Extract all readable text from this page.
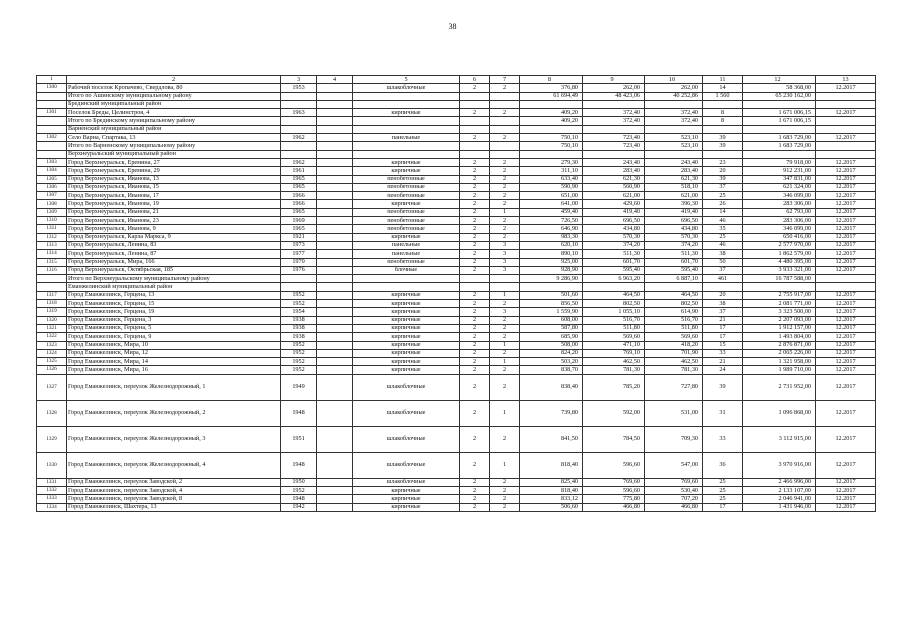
38
1	2	3	4	5	6	7	8	9	10	11	12	13
1300	Рабочий поселок Кропачево, Свердлова, 80	1953		шлакоблочные	2	2	376,80	262,00	262,00	14	58 368,00	12.2017
	Итого по Ашинскому муниципальному району						61 694,49	48 423,06	40 252,86	1 560	65 230 162,00	
	Брединский муниципальный район											
1301	Поселок Бреды, Целинстроя, 4	1963		кирпичные	2	2	409,20	372,40	372,40	8	1 671 006,15	12.2017
	Итого по Брединскому муниципальному району						409,20	372,40	372,40	8	1 671 006,15	
	Варненский муниципальный район											
1302	Село Варна, Спартака, 13	1962		панельные	2	2	750,10	723,40	523,10	39	1 683 729,00	12.2017
	Итого по Варненскому муниципальному району						750,10	723,40	523,10	39	1 683 729,00	
	Верхнеуральский муниципальный район											
1303	Город Верхнеуральск, Еремина, 27	1962		кирпичные	2	2	279,30	243,40	243,40	23	79 918,00	12.2017
1304	Город Верхнеуральск, Еремина, 29	1961		кирпичные	2	2	311,10	283,40	283,40	20	912 231,00	12.2017
1305	Город Верхнеуральск, Иванова, 13	1965		пенобетонные	2	2	633,40	621,30	621,30	39	347 831,00	12.2017
1306	Город Верхнеуральск, Иванова, 15	1965		пенобетонные	2	2	590,90	560,90	518,10	37	621 324,00	12.2017
1307	Город Верхнеуральск, Иванова, 17	1966		пенобетонные	2	2	651,00	621,00	621,00	25	346 099,00	12.2017
1308	Город Верхнеуральск, Иванова, 19	1966		кирпичные	2	2	641,00	429,60	396,30	26	283 306,00	12.2017
1309	Город Верхнеуральск, Иванова, 21	1965		пенобетонные	2	1	459,40	419,40	419,40	14	62 793,00	12.2017
1310	Город Верхнеуральск, Иванова, 23	1969		пенобетонные	2	2	726,50	696,50	696,50	46	283 306,00	12.2017
1311	Город Верхнеуральск, Иванова, 9	1965		пенобетонные	2	2	646,90	434,80	434,80	35	346 099,00	12.2017
1312	Город Верхнеуральск, Карла Маркса, 9	1921		кирпичные	2	2	983,30	570,30	570,30	25	650 416,00	12.2017
1313	Город Верхнеуральск, Ленина, 83	1973		панельные	2	3	620,10	374,20	374,20	46	2 577 970,00	12.2017
1314	Город Верхнеуральск, Ленина, 87	1977		панельные	2	3	890,10	511,30	511,30	38	1 862 579,00	12.2017
1315	Город Верхнеуральск, Мира, 166	1970		пенобетонные	2	3	925,00	601,70	601,70	50	4 480 395,00	12.2017
1316	Город Верхнеуральск, Октябрьская, 185	1976		блочные	2	3	928,90	595,40	595,40	37	3 933 321,00	12.2017
	Итого по Верхнеуральскому муниципальному району						9 286,90	6 963,20	6 887,10	461	16 787 588,00	
	Еманжелинский муниципальный район											
1317	Город Еманжелинск, Герцена, 13	1952		кирпичные	2	1	501,60	464,50	464,50	20	2 755 917,00	12.2017
1318	Город Еманжелинск, Герцена, 15	1952		кирпичные	2	2	856,50	802,50	802,50	38	2 081 771,00	12.2017
1319	Город Еманжелинск, Герцена, 19	1954		кирпичные	2	3	1 559,90	1 055,10	614,90	37	3 323 500,00	12.2017
1320	Город Еманжелинск, Герцена, 3	1938		кирпичные	2	2	608,00	516,70	516,70	21	2 207 093,00	12.2017
1321	Город Еманжелинск, Герцена, 5	1938		кирпичные	2	2	587,80	511,80	511,80	17	1 912 157,00	12.2017
1322	Город Еманжелинск, Герцена, 9	1938		кирпичные	2	2	685,90	569,60	569,60	17	1 493 804,00	12.2017
1323	Город Еманжелинск, Мира, 10	1952		кирпичные	2	1	508,00	471,10	418,20	15	2 876 871,00	12.2017
1324	Город Еманжелинск, Мира, 12	1952		кирпичные	2	2	824,20	769,10	701,90	33	2 065 226,00	12.2017
1325	Город Еманжелинск, Мира, 14	1952		кирпичные	2	1	503,20	462,50	462,50	21	1 321 958,00	12.2017
1326	Город Еманжелинск, Мира, 16	1952		кирпичные	2	2	838,70	781,30	781,30	24	1 989 710,00	12.2017
1327	Город Еманжелинск, переулок Железнодорожный, 1	1949		шлакоблочные	2	2	838,40	785,20	727,80	39	2 731 952,00	12.2017
1328	Город Еманжелинск, переулок Железнодорожный, 2	1948		шлакоблочные	2	1	739,80	592,00	531,00	31	1 096 868,00	12.2017
1329	Город Еманжелинск, переулок Железнодорожный, 3	1951		шлакоблочные	2	2	841,50	784,50	709,30	33	3 112 915,00	12.2017
1330	Город Еманжелинск, переулок Железнодорожный, 4	1948		шлакоблочные	2	1	818,40	596,60	547,00	36	3 970 916,00	12.2017
1331	Город Еманжелинск, переулок Заводской, 2	1950		шлакоблочные	2	2	825,40	769,60	769,60	25	2 466 996,00	12.2017
1332	Город Еманжелинск, переулок Заводской, 4	1952		кирпичные	2	2	818,40	596,60	530,40	25	2 133 107,00	12.2017
1333	Город Еманжелинск, переулок Заводской, 8	1948		кирпичные	2	2	833,12	775,80	707,20	25	2 046 941,00	12.2017
1334	Город Еманжелинск, Шахтера, 13	1942		кирпичные	2	2	506,60	466,80	466,80	17	1 431 946,00	12.2017
